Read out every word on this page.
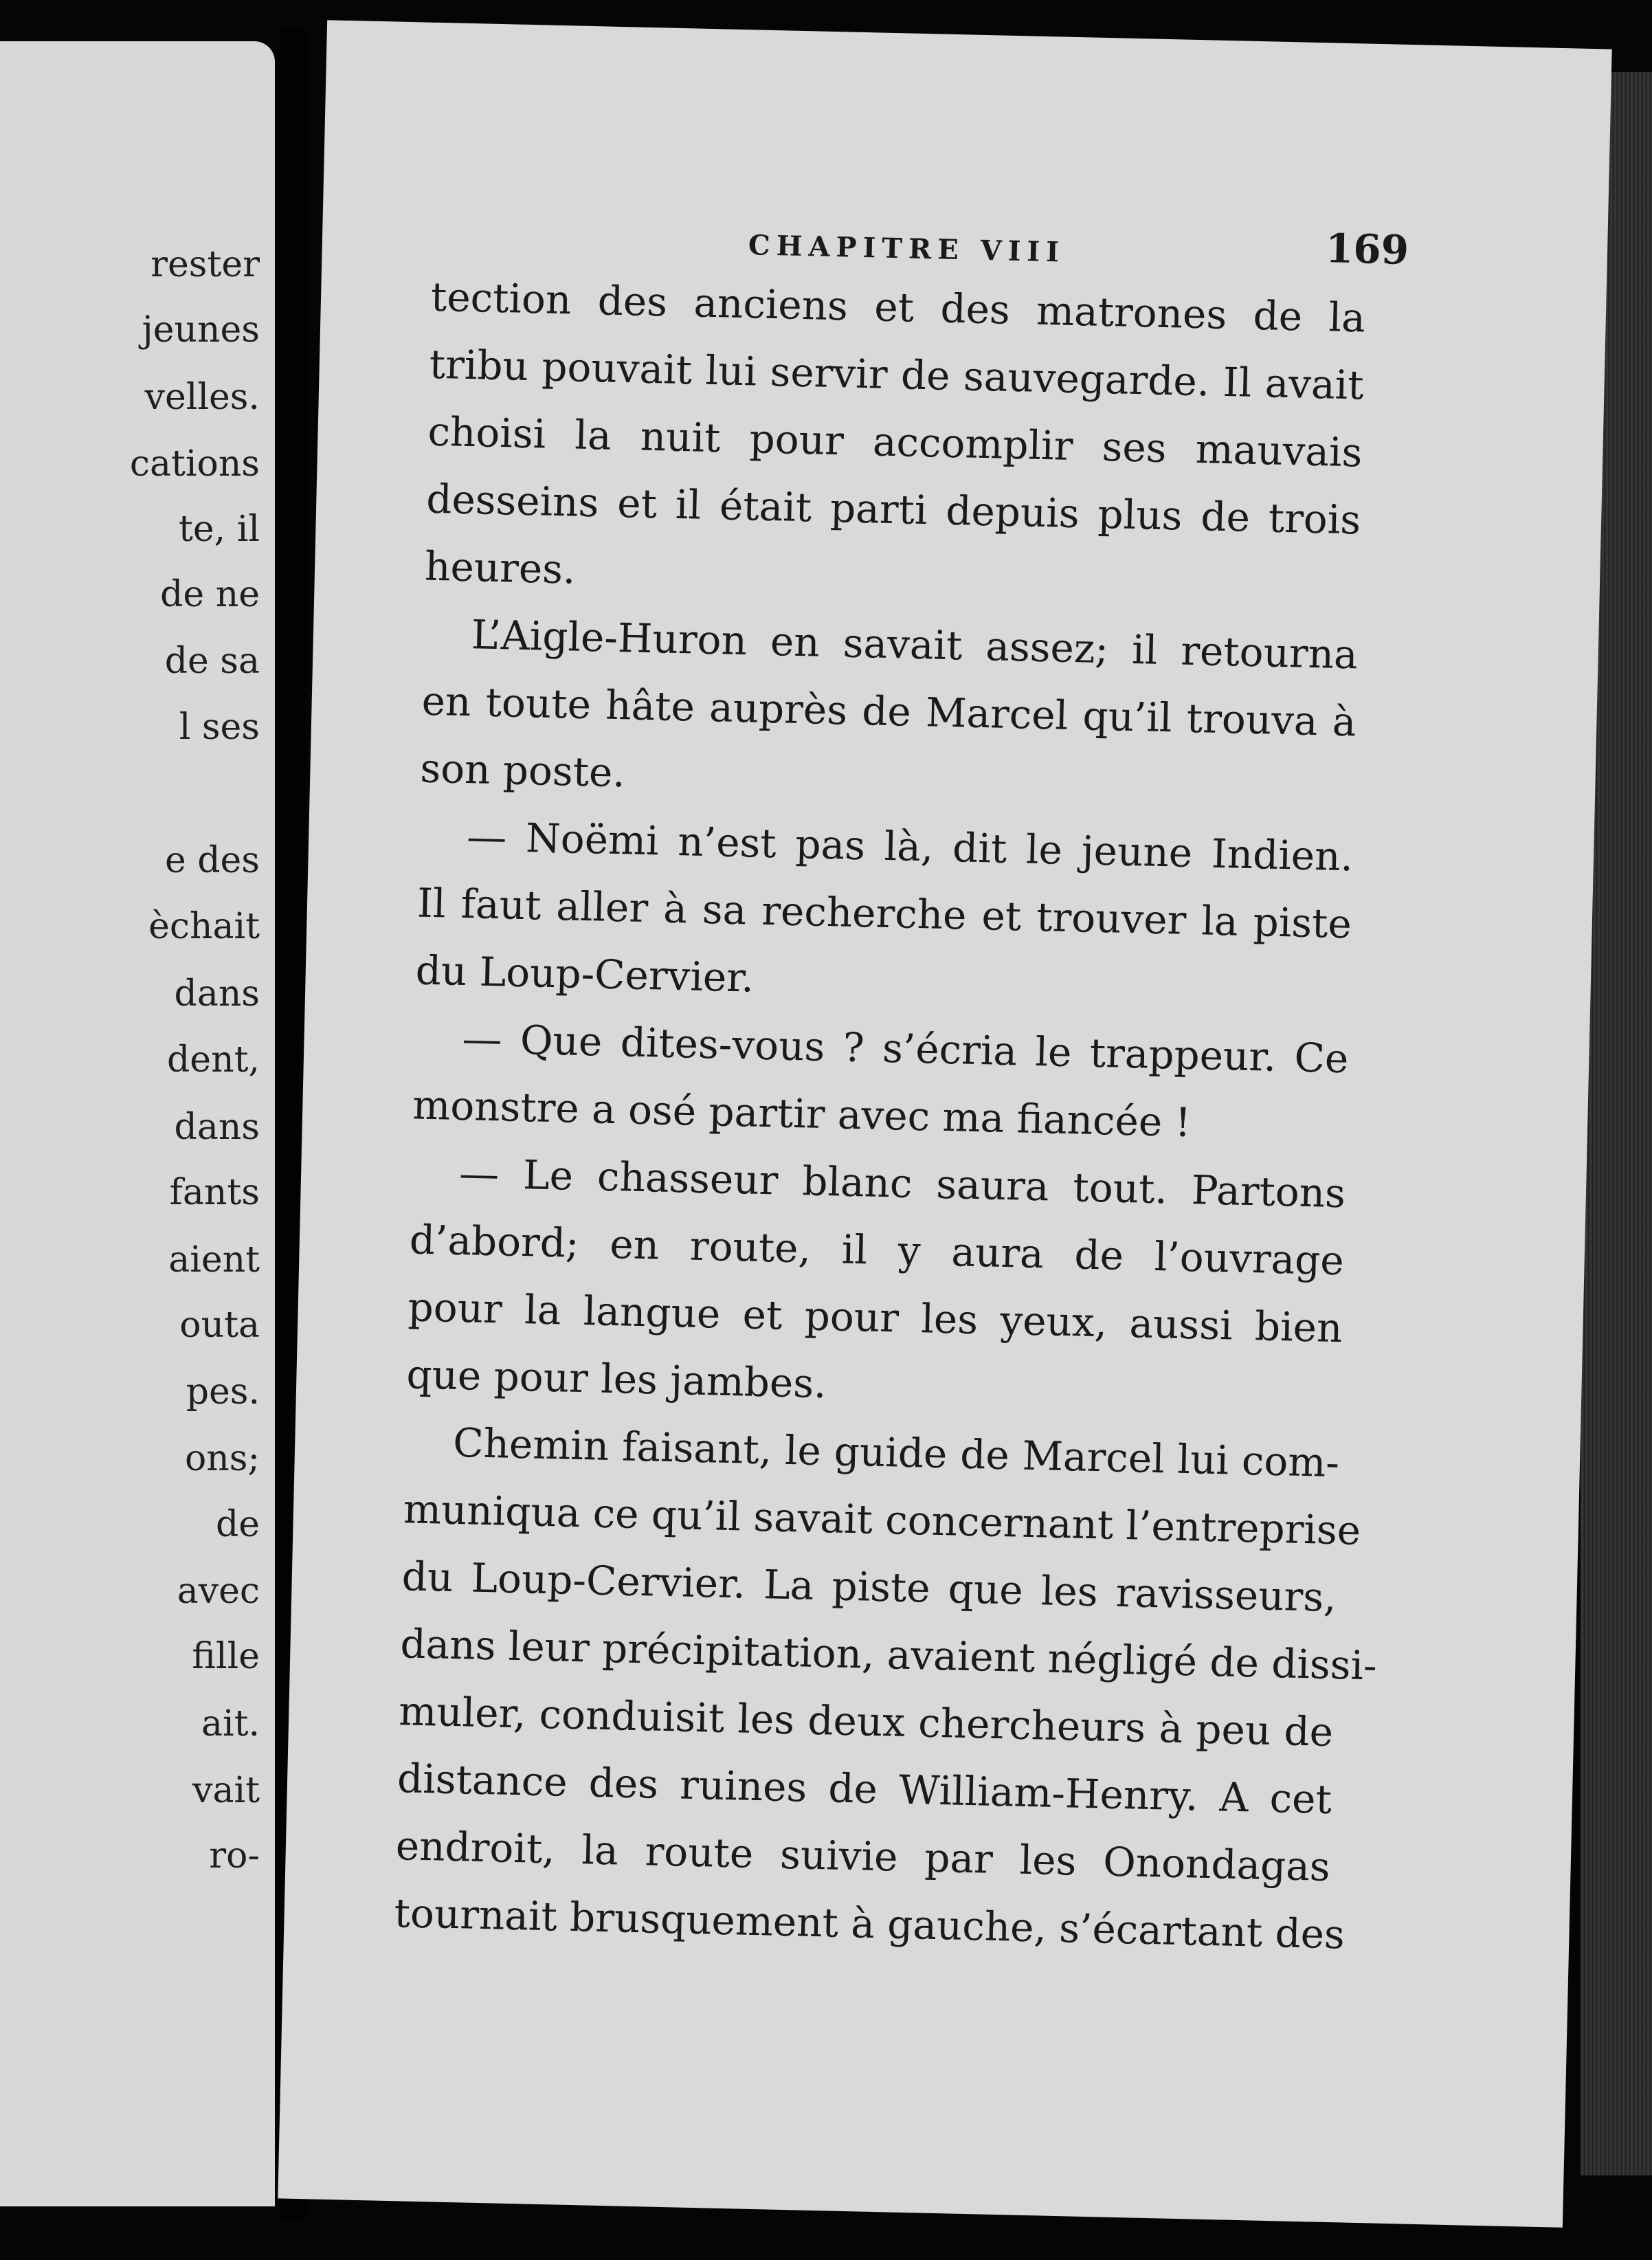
rester
jeunes
velles.
cations
te, il
de ne
de sa
l ses
e des
èchait
dans
dent,
dans
fants
aient
outa
pes.
ons;
de
avec
fille
ait.
vait
ro-
CHAPITRE VIII	169
tection des anciens et des matrones de la
tribu pouvait lui servir de sauvegarde. Il avait
choisi la nuit pour accomplir ses mauvais
desseins et il était parti depuis plus de trois
heures.
L’Aigle-Huron en savait assez; il retourna
en toute hâte auprès de Marcel qu’il trouva à
son poste.
— Noëmi n’est pas là, dit le jeune Indien.
Il faut aller à sa recherche et trouver la piste
du Loup-Cervier.
— Que dites-vous ? s’écria le trappeur. Ce
monstre a osé partir avec ma fiancée !
— Le chasseur blanc saura tout. Partons
d’abord; en route, il y aura de l’ouvrage
pour la langue et pour les yeux, aussi bien
que pour les jambes.
Chemin faisant, le guide de Marcel lui com-
muniqua ce qu’il savait concernant l’entreprise
du Loup-Cervier. La piste que les ravisseurs,
dans leur précipitation, avaient négligé de dissi-
muler, conduisit les deux chercheurs à peu de
distance des ruines de William-Henry. A cet
endroit, la route suivie par les Onondagas
tournait brusquement à gauche, s’écartant des
